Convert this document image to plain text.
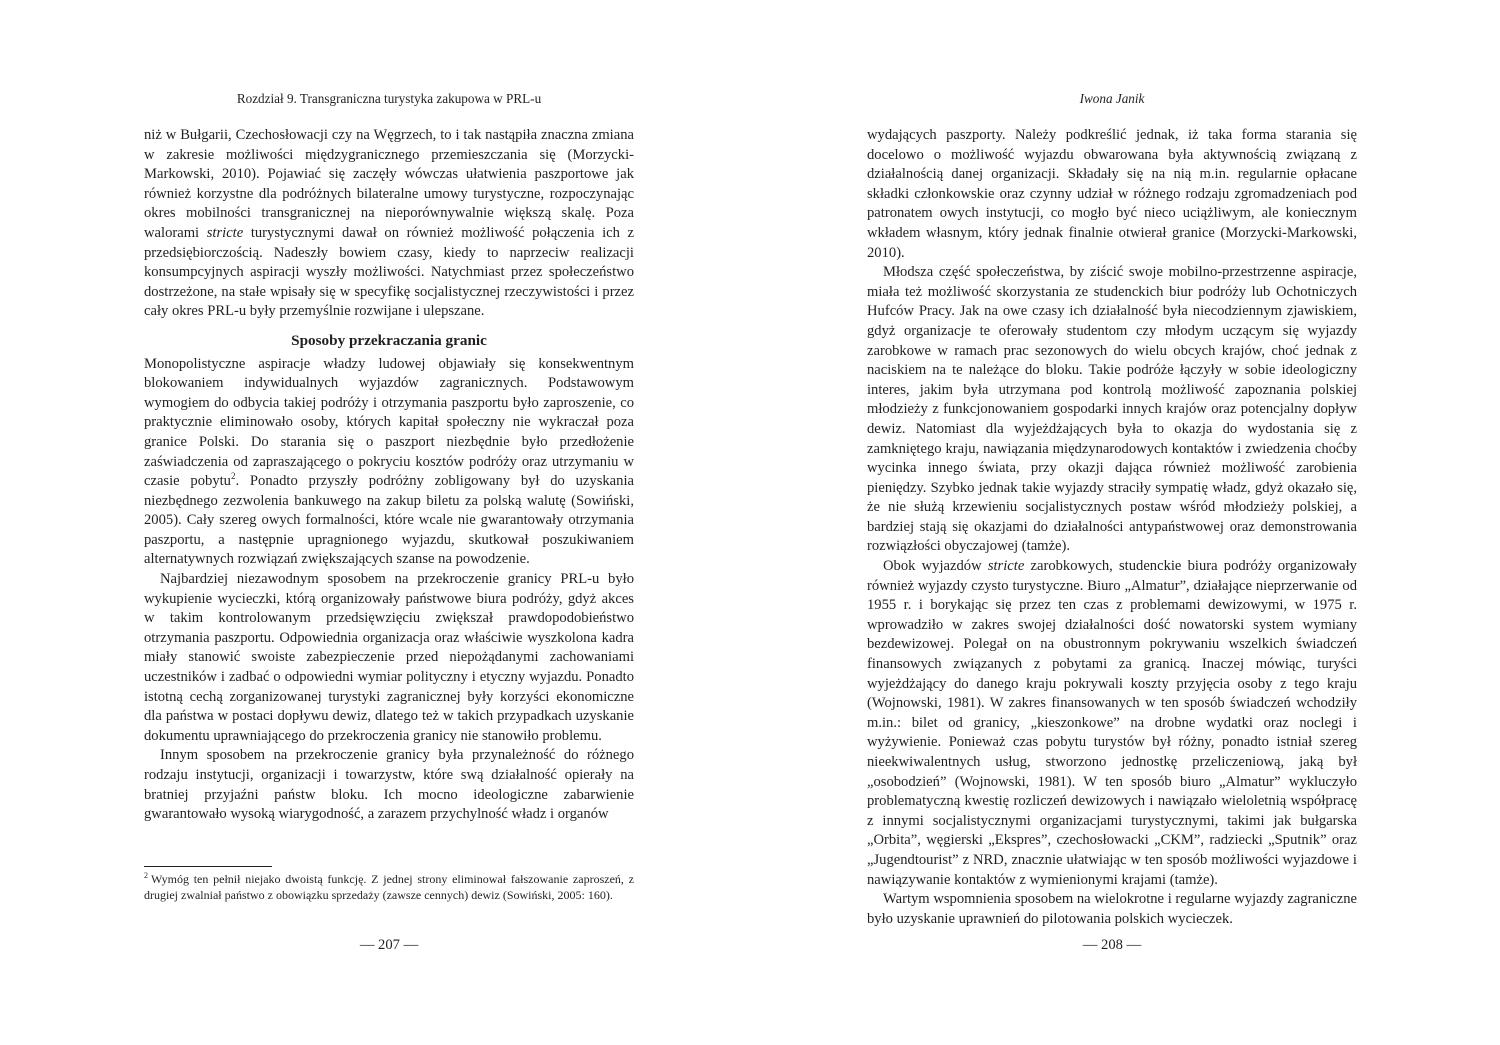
Rozdział 9. Transgraniczna turystyka zakupowa w PRL-u

niż w Bułgarii, Czechosłowacji czy na Węgrzech, to i tak nastąpiła znaczna zmiana w zakresie możliwości międzygranicznego przemieszczania się (Morzycki-Markowski, 2010). Pojawiać się zaczęły wówczas ułatwienia paszportowe jak również korzystne dla podróżnych bilateralne umowy turystyczne, rozpoczynając okres mobilności transgranicznej na nieporównywalnie większą skalę. Poza walorami stricte turystycznymi dawał on również możliwość połączenia ich z przedsiębiorczością. Nadeszły bowiem czasy, kiedy to naprzeciw realizacji konsumpcyjnych aspiracji wyszły możliwości. Natychmiast przez społeczeństwo dostrzeżone, na stałe wpisały się w specyfikę socjalistycznej rzeczywistości i przez cały okres PRL-u były przemyślnie rozwijane i ulepszane.

Sposoby przekraczania granic

Monopolistyczne aspiracje władzy ludowej objawiały się konsekwentnym blokowaniem indywidualnych wyjazdów zagranicznych. Podstawowym wymogiem do odbycia takiej podróży i otrzymania paszportu było zaproszenie, co praktycznie eliminowało osoby, których kapitał społeczny nie wykraczał poza granice Polski. Do starania się o paszport niezbędnie było przedłożenie zaświadczenia od zapraszającego o pokryciu kosztów podróży oraz utrzymaniu w czasie pobytu$^2$. Ponadto przyszły podróżny zobligowany był do uzyskania niezbędnego zezwolenia bankuwego na zakup biletu za polską walutę (Sowiński, 2005). Cały szereg owych formalności, które wcale nie gwarantowały otrzymania paszportu, a następnie upragnionego wyjazdu, skutkował poszukiwaniem alternatywnych rozwiązań zwiększających szanse na powodzenie.

Najbardziej niezawodnym sposobem na przekroczenie granicy PRL-u było wykupienie wycieczki, którą organizowały państwowe biura podróży, gdyż akces w takim kontrolowanym przedsięwzięciu zwiększał prawdopodobieństwo otrzymania paszportu. Odpowiednia organizacja oraz właściwie wyszkolona kadra miały stanowić swoiste zabezpieczenie przed niepożądanymi zachowaniami uczestników i zadbać o odpowiedni wymiar polityczny i etyczny wyjazdu. Ponadto istotną cechą zorganizowanej turystyki zagranicznej były korzyści ekonomiczne dla państwa w postaci dopływu dewiz, dlatego też w takich przypadkach uzyskanie dokumentu uprawniającego do przekroczenia granicy nie stanowiło problemu.

Innym sposobem na przekroczenie granicy była przynależność do różnego rodzaju instytucji, organizacji i towarzystw, które swą działalność opierały na bratniej przyjaźni państw bloku. Ich mocno ideologiczne zabarwienie gwarantowało wysoką wiarygodność, a zarazem przychylność władz i organów

$^2$ Wymóg ten pełnił niejako dwoistą funkcję. Z jednej strony eliminował fałszowanie zaproszeń, z drugiej zwalniał państwo z obowiązku sprzedaży (zawsze cennych) dewiz (Sowiński, 2005: 160).
— 207 —
Iwona Janik

wydających paszporty. Należy podkreślić jednak, iż taka forma starania się docelowo o możliwość wyjazdu obwarowana była aktywnością związaną z działalnością danej organizacji. Składały się na nią m.in. regularnie opłacane składki członkowskie oraz czynny udział w różnego rodzaju zgromadzeniach pod patronatem owych instytucji, co mogło być nieco uciążliwym, ale koniecznym wkładem własnym, który jednak finalnie otwierał granice (Morzycki-Markowski, 2010).

Młodsza część społeczeństwa, by ziścić swoje mobilno-przestrzenne aspiracje, miała też możliwość skorzystania ze studenckich biur podróży lub Ochotniczych Hufców Pracy. Jak na owe czasy ich działalność była niecodziennym zjawiskiem, gdyż organizacje te oferowały studentom czy młodym uczącym się wyjazdy zarobkowe w ramach prac sezonowych do wielu obcych krajów, choć jednak z naciskiem na te należące do bloku. Takie podróże łączyły w sobie ideologiczny interes, jakim była utrzymana pod kontrolą możliwość zapoznania polskiej młodzieży z funkcjonowaniem gospodarki innych krajów oraz potencjalny dopływ dewiz. Natomiast dla wyjeżdżających była to okazja do wydostania się z zamkniętego kraju, nawiązania międzynarodowych kontaktów i zwiedzenia choćby wycinka innego świata, przy okazji dająca również możliwość zarobienia pieniędzy. Szybko jednak takie wyjazdy straciły sympatię władz, gdyż okazało się, że nie służą krzewieniu socjalistycznych postaw wśród młodzieży polskiej, a bardziej stają się okazjami do działalności antypaństwowej oraz demonstrowania rozwiązłości obyczajowej (tamże).

Obok wyjazdów stricte zarobkowych, studenckie biura podróży organizowały również wyjazdy czysto turystyczne. Biuro „Almatur”, działające nieprzerwanie od 1955 r. i borykając się przez ten czas z problemami dewizowymi, w 1975 r. wprowadziło w zakres swojej działalności dość nowatorski system wymiany bezdewizowej. Polegał on na obustronnym pokrywaniu wszelkich świadczeń finansowych związanych z pobytami za granicą. Inaczej mówiąc, turyści wyjeżdżający do danego kraju pokrywali koszty przyjęcia osoby z tego kraju (Wojnowski, 1981). W zakres finansowanych w ten sposób świadczeń wchodziły m.in.: bilet od granicy, „kieszonkowe” na drobne wydatki oraz noclegi i wyżywienie. Ponieważ czas pobytu turystów był różny, ponadto istniał szereg nieekwiwalentnych usług, stworzono jednostkę przeliczeniową, jaką był „osobodzień” (Wojnowski, 1981). W ten sposób biuro „Almatur” wykluczyło problematyczną kwestię rozliczeń dewizowych i nawiązało wieloletnią współpracę z innymi socjalistycznymi organizacjami turystycznymi, takimi jak bułgarska „Orbita”, węgierski „Ekspres”, czechosłowacki „CKM”, radziecki „Sputnik” oraz „Jugendtourist” z NRD, znacznie ułatwiając w ten sposób możliwości wyjazdowe i nawiązywanie kontaktów z wymienionymi krajami (tamże).

Wartym wspomnienia sposobem na wielokrotne i regularne wyjazdy zagraniczne było uzyskanie uprawnień do pilotowania polskich wycieczek.

— 208 —
